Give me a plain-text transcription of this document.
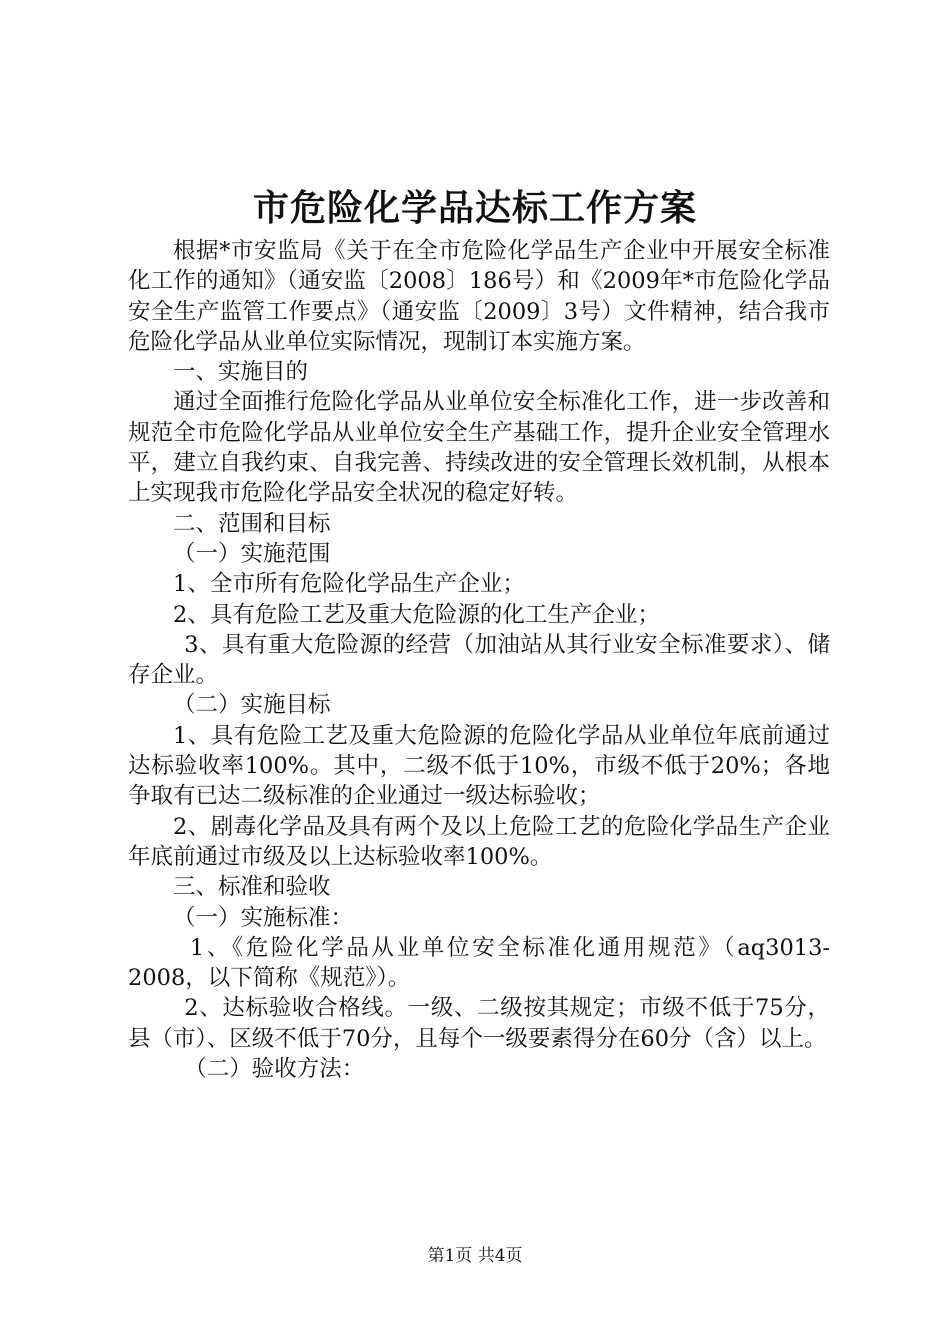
市危险化学品达标工作方案

根据*市安监局《关于在全市危险化学品生产企业中开展安全标准化工作的通知》（通安监〔2008〕186号）和《2009年*市危险化学品安全生产监管工作要点》（通安监〔2009〕3号）文件精神，结合我市危险化学品从业单位实际情况，现制订本实施方案。

一、实施目的

通过全面推行危险化学品从业单位安全标准化工作，进一步改善和规范全市危险化学品从业单位安全生产基础工作，提升企业安全管理水平，建立自我约束、自我完善、持续改进的安全管理长效机制，从根本上实现我市危险化学品安全状况的稳定好转。

二、范围和目标

（一）实施范围

1、全市所有危险化学品生产企业；

2、具有危险工艺及重大危险源的化工生产企业；

3、具有重大危险源的经营（加油站从其行业安全标准要求）、储存企业。

（二）实施目标

1、具有危险工艺及重大危险源的危险化学品从业单位年底前通过达标验收率100%。其中，二级不低于10%，市级不低于20%；各地争取有已达二级标准的企业通过一级达标验收；

2、剧毒化学品及具有两个及以上危险工艺的危险化学品生产企业年底前通过市级及以上达标验收率100%。

三、标准和验收

（一）实施标准：

1、《危险化学品从业单位安全标准化通用规范》（aq3013-2008，以下简称《规范》）。

2、达标验收合格线。一级、二级按其规定；市级不低于75分，县（市）、区级不低于70分，且每个一级要素得分在60分（含）以上。

（二）验收方法：

第1页 共4页
